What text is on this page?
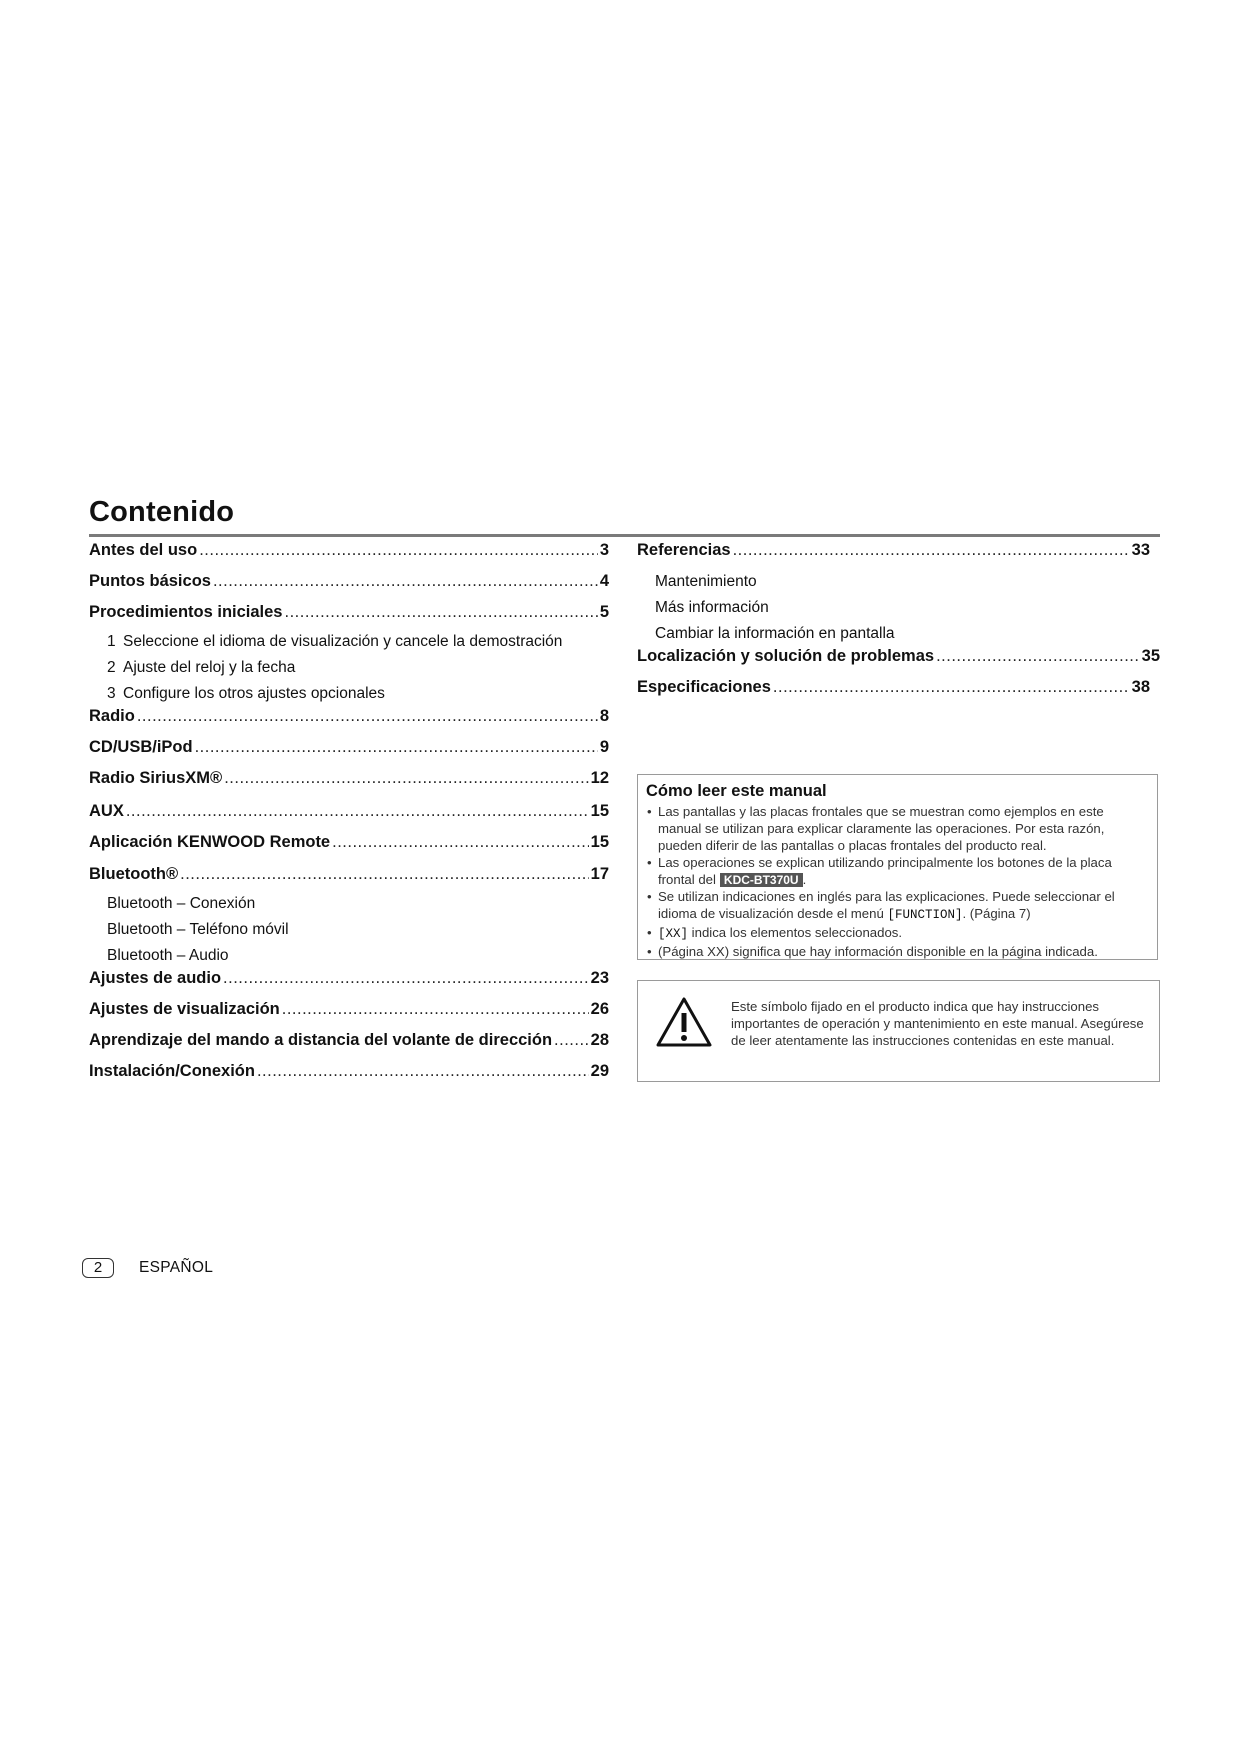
Contenido
Antes del uso .....	3
Puntos básicos .....	4
Procedimientos iniciales .....	5
1 Seleccione el idioma de visualización y cancele la demostración
2 Ajuste del reloj y la fecha
3 Configure los otros ajustes opcionales
Radio .....	8
CD/USB/iPod .....	9
Radio SiriusXM® .....	12
AUX .....	15
Aplicación KENWOOD Remote .....	15
Bluetooth® .....	17
Bluetooth – Conexión
Bluetooth – Teléfono móvil
Bluetooth – Audio
Ajustes de audio .....	23
Ajustes de visualización .....	26
Aprendizaje del mando a distancia del volante de dirección ..... 28
Instalación/Conexión .....	29
Referencias .....	33
Mantenimiento
Más información
Cambiar la información en pantalla
Localización y solución de problemas .....	35
Especificaciones .....	38
Cómo leer este manual
• Las pantallas y las placas frontales que se muestran como ejemplos en este manual se utilizan para explicar claramente las operaciones. Por esta razón, pueden diferir de las pantallas o placas frontales del producto real.
• Las operaciones se explican utilizando principalmente los botones de la placa frontal del KDC-BT370U .
• Se utilizan indicaciones en inglés para las explicaciones. Puede seleccionar el idioma de visualización desde el menú [FUNCTION]. (Página 7)
• [XX] indica los elementos seleccionados.
• (Página XX) significa que hay información disponible en la página indicada.
Este símbolo fijado en el producto indica que hay instrucciones importantes de operación y mantenimiento en este manual. Asegúrese de leer atentamente las instrucciones contenidas en este manual.
2	ESPAÑOL
